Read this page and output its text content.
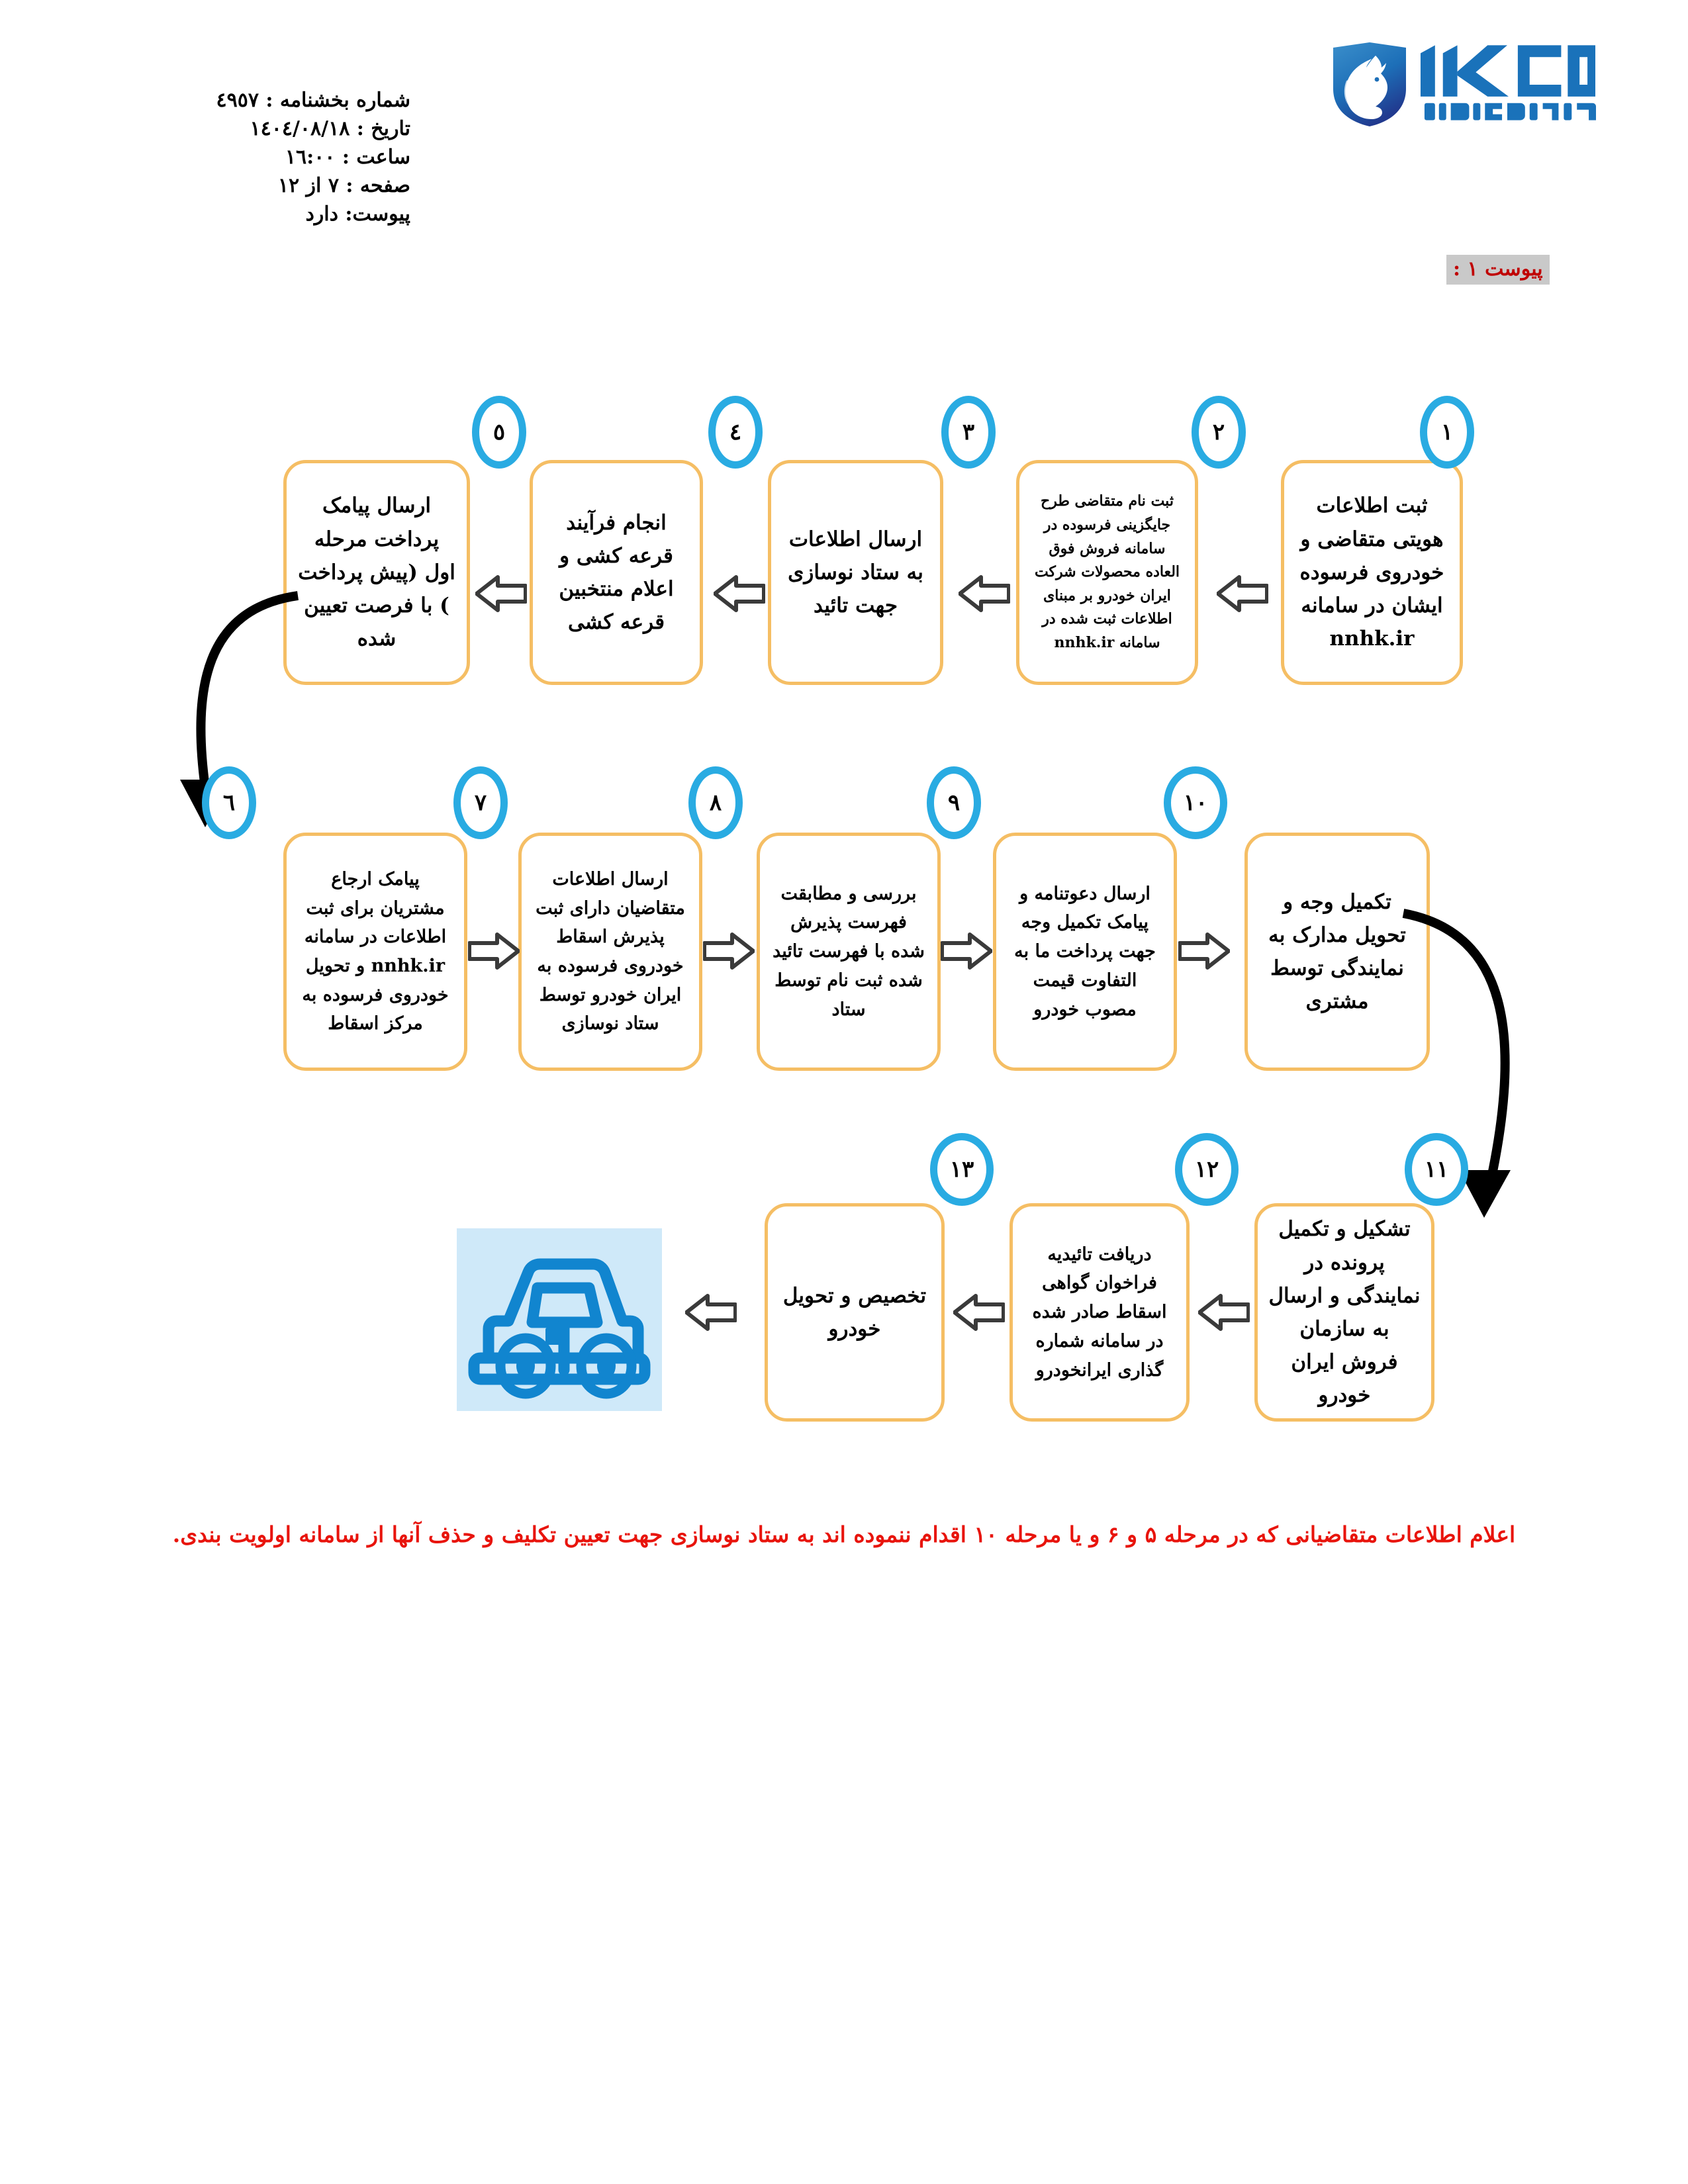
شماره بخشنامه : ٤٩٥٧
تاریخ : ١٤٠٤/٠٨/١٨
ساعت : ١٦:٠٠
صفحه : ٧ از ١٢
پیوست: دارد
پیوست ١ :
١
ثبت اطلاعات هویتی متقاضی و خودروی فرسوده ایشان در سامانه nnhk.ir
٢
ثبت نام متقاضی طرح جایگزینی فرسوده در سامانه فروش فوق العاده محصولات شرکت ایران خودرو بر مبنای اطلاعات ثبت شده در سامانه nnhk.ir
٣
ارسال اطلاعات به ستاد نوسازی جهت تائید
٤
انجام فرآیند قرعه کشی و اعلام منتخبین قرعه کشی
٥
ارسال پیامک پرداخت مرحله اول (پیش پرداخت ) با فرصت تعیین شده
٦
پیامک ارجاع مشتریان برای ثبت اطلاعات در سامانه nnhk.ir و تحویل خودروی فرسوده به مرکز اسقاط
٧
ارسال اطلاعات متقاضیان دارای ثبت پذیرش اسقاط خودروی فرسوده به ایران خودرو توسط ستاد نوسازی
٨
بررسی و مطابقت فهرست پذیرش شده با فهرست تائید شده ثبت نام توسط ستاد
٩
ارسال دعوتنامه و پیامک تکمیل وجه جهت پرداخت ما به التفاوت قیمت مصوب خودرو
١٠
تکمیل وجه و تحویل مدارک به نمایندگی توسط مشتری
١١
تشکیل و تکمیل پرونده در نمایندگی و ارسال به سازمان فروش ایران خودرو
١٢
دریافت تائیدیه فراخوان گواهی اسقاط صادر شده در سامانه شماره گذاری ایرانخودرو
١٣
تخصیص و تحویل خودرو
اعلام اطلاعات متقاضیانی که در مرحله ۵ و ۶ و یا مرحله ۱۰ اقدام ننموده اند به ستاد نوسازی جهت تعیین تکلیف و حذف آنها از سامانه اولویت بندی.
